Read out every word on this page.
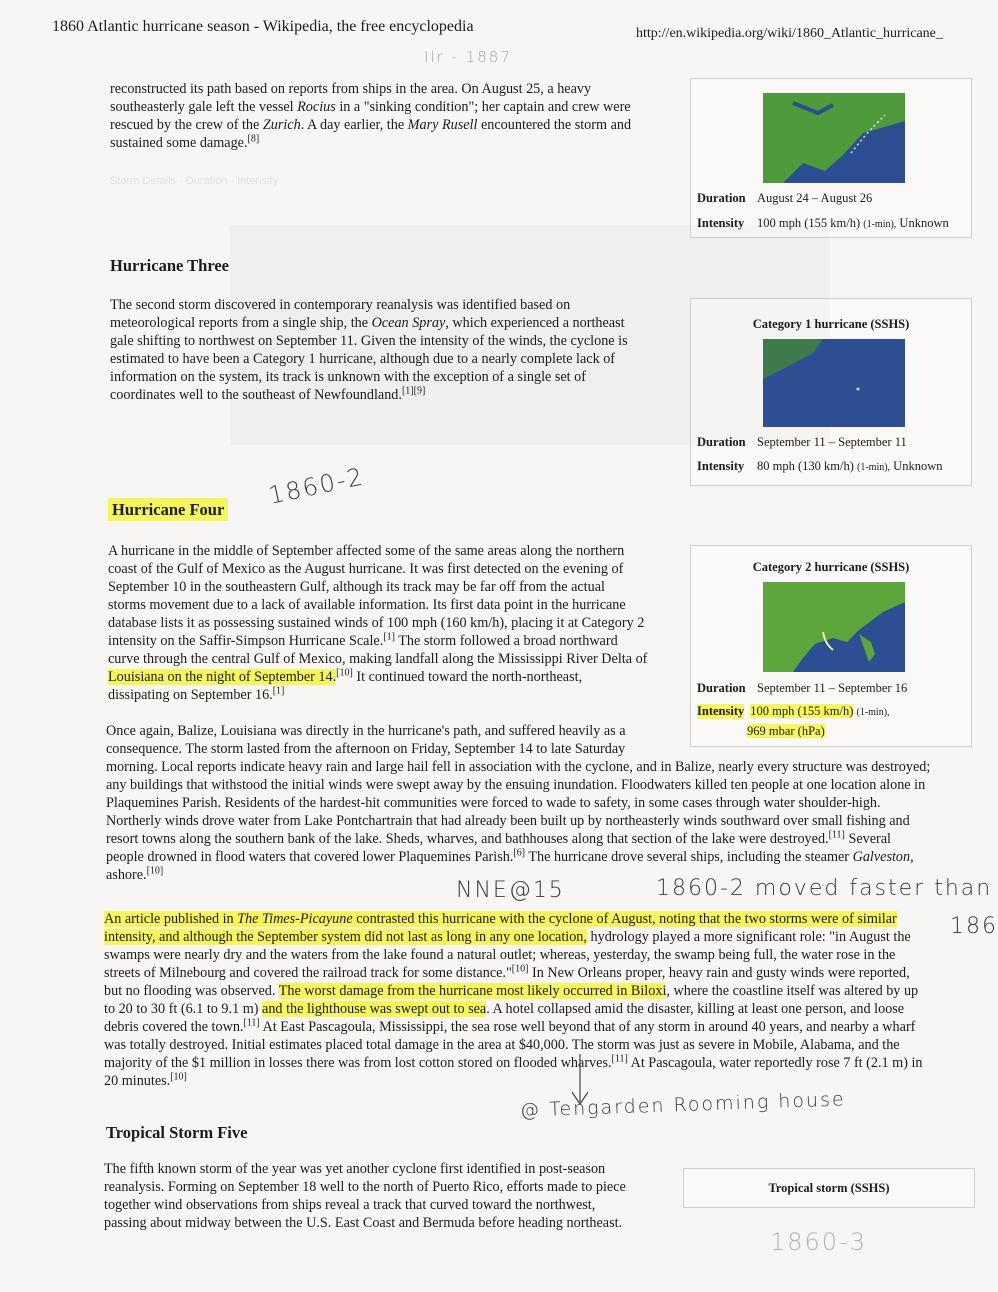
Storm Details · Duration · Intensity
1860 Atlantic hurricane season - Wikipedia, the free encyclopedia	http://en.wikipedia.org/wiki/1860_Atlantic_hurricane_
reconstructed its path based on reports from ships in the area. On August 25, a heavy
southeasterly gale left the vessel Rocius in a "sinking condition"; her captain and crew were
rescued by the crew of the Zurich. A day earlier, the Mary Rusell encountered the storm and
sustained some damage.[8]
Hurricane Three
The second storm discovered in contemporary reanalysis was identified based on
meteorological reports from a single ship, the Ocean Spray, which experienced a northeast
gale shifting to northwest on September 11. Given the intensity of the winds, the cyclone is
estimated to have been a Category 1 hurricane, although due to a nearly complete lack of
information on the system, its track is unknown with the exception of a single set of
coordinates well to the southeast of Newfoundland.[1][9]
Hurricane Four 1860-2
A hurricane in the middle of September affected some of the same areas along the northern
coast of the Gulf of Mexico as the August hurricane. It was first detected on the evening of
September 10 in the southeastern Gulf, although its track may be far off from the actual
storms movement due to a lack of available information. Its first data point in the hurricane
database lists it as possessing sustained winds of 100 mph (160 km/h), placing it at Category 2
intensity on the Saffir-Simpson Hurricane Scale.[1] The storm followed a broad northward
curve through the central Gulf of Mexico, making landfall along the Mississippi River Delta of
Louisiana on the night of September 14.[10] It continued toward the north-northeast,
dissipating on September 16.[1]
Once again, Balize, Louisiana was directly in the hurricane's path, and suffered heavily as a
consequence. The storm lasted from the afternoon on Friday, September 14 to late Saturday
morning. Local reports indicate heavy rain and large hail fell in association with the cyclone, and in Balize, nearly every structure was destroyed;
any buildings that withstood the initial winds were swept away by the ensuing inundation. Floodwaters killed ten people at one location alone in
Plaquemines Parish. Residents of the hardest-hit communities were forced to wade to safety, in some cases through water shoulder-high.
Northerly winds drove water from Lake Pontchartrain that had already been built up by northeasterly winds southward over small fishing and
resort towns along the southern bank of the lake. Sheds, wharves, and bathhouses along that section of the lake were destroyed.[11] Several
people drowned in flood waters that covered lower Plaquemines Parish.[6] The hurricane drove several ships, including the steamer Galveston,
ashore.[10]
NNE@15	1860-2 moved faster than
186
An article published in The Times-Picayune contrasted this hurricane with the cyclone of August, noting that the two storms were of similar
intensity, and although the September system did not last as long in any one location, hydrology played a more significant role: "in August the
swamps were nearly dry and the waters from the lake found a natural outlet; whereas, yesterday, the swamp being full, the water rose in the
streets of Milnebourg and covered the railroad track for some distance."[10] In New Orleans proper, heavy rain and gusty winds were reported,
but no flooding was observed. The worst damage from the hurricane most likely occurred in Biloxi, where the coastline itself was altered by up
to 20 to 30 ft (6.1 to 9.1 m) and the lighthouse was swept out to sea. A hotel collapsed amid the disaster, killing at least one person, and loose
debris covered the town.[11] At East Pascagoula, Mississippi, the sea rose well beyond that of any storm in around 40 years, and nearby a wharf
was totally destroyed. Initial estimates placed total damage in the area at $40,000. The storm was just as severe in Mobile, Alabama, and the
majority of the $1 million in losses there was from lost cotton stored on flooded wharves.[11] At Pascagoula, water reportedly rose 7 ft (2.1 m) in
20 minutes.[10]
@ Tengarden Rooming house
Tropical Storm Five
The fifth known storm of the year was yet another cyclone first identified in post-season
reanalysis. Forming on September 18 well to the north of Puerto Rico, efforts made to piece
together wind observations from ships reveal a track that curved toward the northwest,
passing about midway between the U.S. East Coast and Bermuda before heading northeast.
Ilr - 1887
1860-3
Duration August 24 – August 26
Intensity 100 mph (155 km/h) (1-min), Unknown
Category 1 hurricane (SSHS)
Duration September 11 – September 11
Intensity 80 mph (130 km/h) (1-min), Unknown
Category 2 hurricane (SSHS)
Duration September 11 – September 16
Intensity 100 mph (155 km/h) (1-min),
969 mbar (hPa)
Tropical storm (SSHS)
